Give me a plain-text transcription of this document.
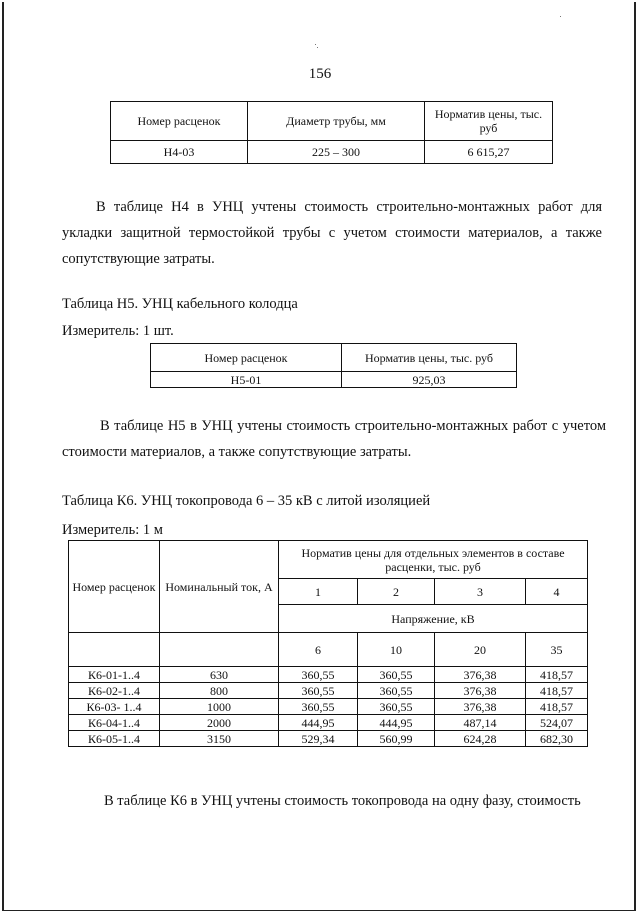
156
Номер расценок	Диаметр трубы, мм	Норматив цены, тыс. руб
Н4-03	225 – 300	6 615,27
В таблице Н4 в УНЦ учтены стоимость строительно-монтажных работ для укладки защитной термостойкой трубы с учетом стоимости материалов, а также сопутствующие затраты.
Таблица Н5. УНЦ кабельного колодца
Измеритель: 1 шт.
Номер расценок	Норматив цены, тыс. руб
Н5-01	925,03
В таблице Н5 в УНЦ учтены стоимость строительно-монтажных работ с учетом стоимости материалов, а также сопутствующие затраты.
Таблица К6. УНЦ токопровода 6 – 35 кВ с литой изоляцией
Измеритель: 1 м
Номер расценок	Номинальный ток, А	Норматив цены для отдельных элементов в составе расценки, тыс. руб			
		1	2	3	4
		Напряжение, кВ			
		6	10	20	35
К6-01-1..4	630	360,55	360,55	376,38	418,57
К6-02-1..4	800	360,55	360,55	376,38	418,57
К6-03- 1..4	1000	360,55	360,55	376,38	418,57
К6-04-1..4	2000	444,95	444,95	487,14	524,07
К6-05-1..4	3150	529,34	560,99	624,28	682,30
В таблице К6 в УНЦ учтены стоимость токопровода на одну фазу, стоимость
